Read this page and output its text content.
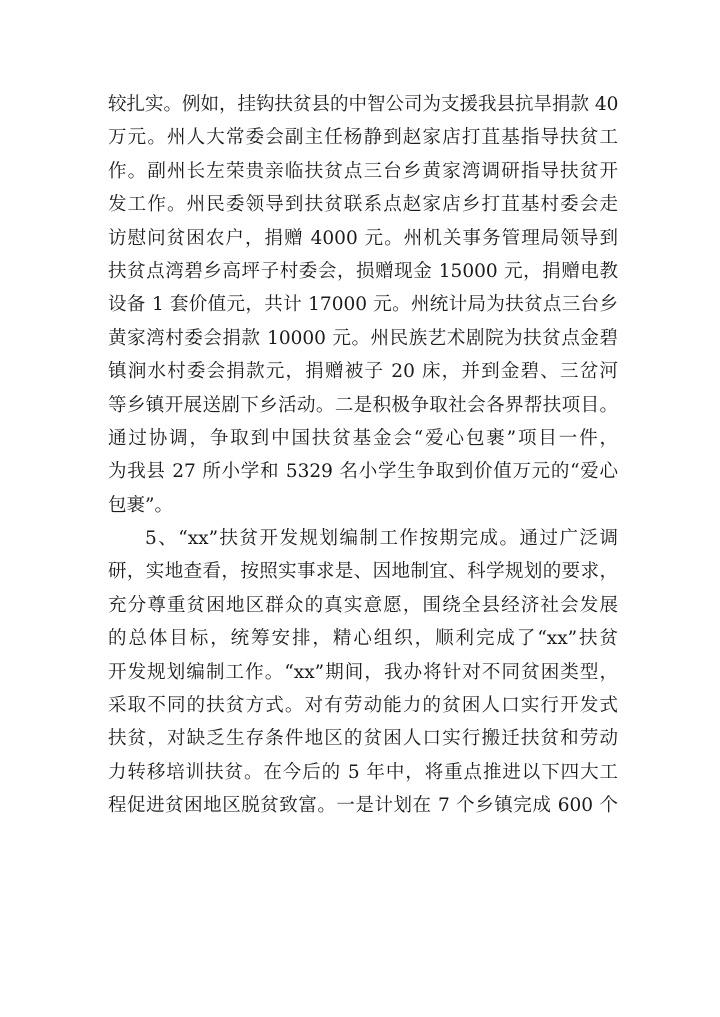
较扎实。例如，挂钩扶贫县的中智公司为支援我县抗旱捐款 40
万元。州人大常委会副主任杨静到赵家店打苴基指导扶贫工
作。副州长左荣贵亲临扶贫点三台乡黄家湾调研指导扶贫开
发工作。州民委领导到扶贫联系点赵家店乡打苴基村委会走
访慰问贫困农户，捐赠 4000 元。州机关事务管理局领导到
扶贫点湾碧乡高坪子村委会，损赠现金 15000 元，捐赠电教
设备 1 套价值元，共计 17000 元。州统计局为扶贫点三台乡
黄家湾村委会捐款 10000 元。州民族艺术剧院为扶贫点金碧
镇涧水村委会捐款元，捐赠被子 20 床，并到金碧、三岔河
等乡镇开展送剧下乡活动。二是积极争取社会各界帮扶项目。
通过协调，争取到中国扶贫基金会“爱心包裹”项目一件，
为我县 27 所小学和 5329 名小学生争取到价值万元的“爱心
包裹”。
5、“xx”扶贫开发规划编制工作按期完成。通过广泛调
研，实地查看，按照实事求是、因地制宜、科学规划的要求，
充分尊重贫困地区群众的真实意愿，围绕全县经济社会发展
的总体目标，统筹安排，精心组织，顺利完成了“xx”扶贫
开发规划编制工作。“xx”期间，我办将针对不同贫困类型，
采取不同的扶贫方式。对有劳动能力的贫困人口实行开发式
扶贫，对缺乏生存条件地区的贫困人口实行搬迁扶贫和劳动
力转移培训扶贫。在今后的 5 年中，将重点推进以下四大工
程促进贫困地区脱贫致富。一是计划在 7 个乡镇完成 600 个
